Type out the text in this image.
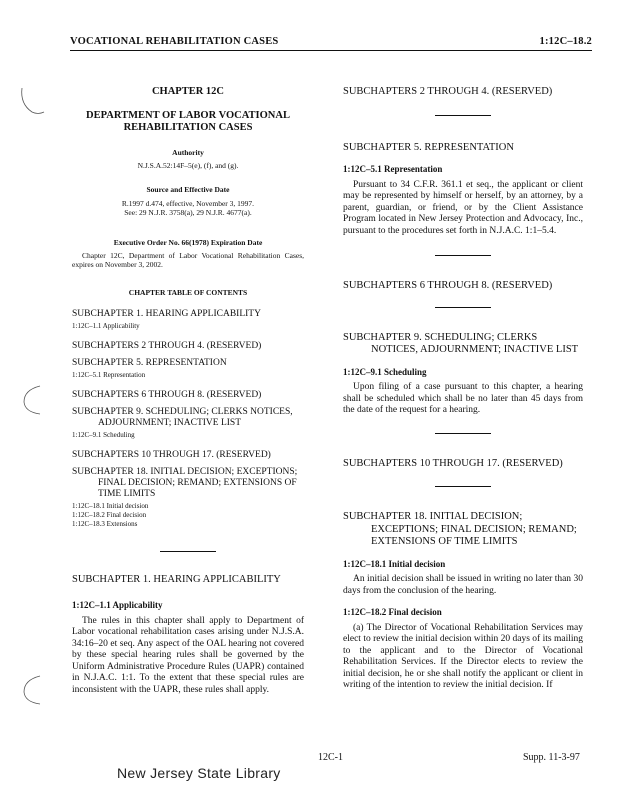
VOCATIONAL REHABILITATION CASES	1:12C–18.2

CHAPTER 12C

DEPARTMENT OF LABOR VOCATIONAL
REHABILITATION CASES

Authority

N.J.S.A.52:14F–5(e), (f), and (g).

Source and Effective Date

R.1997 d.474, effective, November 3, 1997.

See: 29 N.J.R. 3758(a), 29 N.J.R. 4677(a).

Executive Order No. 66(1978) Expiration Date

Chapter 12C, Department of Labor Vocational Rehabilitation Cases, expires on November 3, 2002.

CHAPTER TABLE OF CONTENTS

SUBCHAPTER 1. HEARING APPLICABILITY

1:12C–1.1 Applicability

SUBCHAPTERS 2 THROUGH 4. (RESERVED)

SUBCHAPTER 5. REPRESENTATION

1:12C–5.1 Representation

SUBCHAPTERS 6 THROUGH 8. (RESERVED)

SUBCHAPTER 9. SCHEDULING; CLERKS NOTICES, ADJOURNMENT; INACTIVE LIST

1:12C–9.1 Scheduling

SUBCHAPTERS 10 THROUGH 17. (RESERVED)

SUBCHAPTER 18. INITIAL DECISION; EXCEPTIONS; FINAL DECISION; REMAND; EXTENSIONS OF TIME LIMITS

1:12C–18.1 Initial decision

1:12C–18.2 Final decision

1:12C–18.3 Extensions

SUBCHAPTER 1. HEARING APPLICABILITY

1:12C–1.1 Applicability

The rules in this chapter shall apply to Department of Labor vocational rehabilitation cases arising under N.J.S.A. 34:16–20 et seq. Any aspect of the OAL hearing not covered by these special hearing rules shall be governed by the Uniform Administrative Procedure Rules (UAPR) contained in N.J.A.C. 1:1. To the extent that these special rules are inconsistent with the UAPR, these rules shall apply.

SUBCHAPTERS 2 THROUGH 4. (RESERVED)

SUBCHAPTER 5. REPRESENTATION

1:12C–5.1 Representation

Pursuant to 34 C.F.R. 361.1 et seq., the applicant or client may be represented by himself or herself, by an attorney, by a parent, guardian, or friend, or by the Client Assistance Program located in New Jersey Protection and Advocacy, Inc., pursuant to the procedures set forth in N.J.A.C. 1:1–5.4.

SUBCHAPTERS 6 THROUGH 8. (RESERVED)

SUBCHAPTER 9. SCHEDULING; CLERKS NOTICES, ADJOURNMENT; INACTIVE LIST

1:12C–9.1 Scheduling

Upon filing of a case pursuant to this chapter, a hearing shall be scheduled which shall be no later than 45 days from the date of the request for a hearing.

SUBCHAPTERS 10 THROUGH 17. (RESERVED)

SUBCHAPTER 18. INITIAL DECISION; EXCEPTIONS; FINAL DECISION; REMAND; EXTENSIONS OF TIME LIMITS

1:12C–18.1 Initial decision

An initial decision shall be issued in writing no later than 30 days from the conclusion of the hearing.

1:12C–18.2 Final decision

(a) The Director of Vocational Rehabilitation Services may elect to review the initial decision within 20 days of its mailing to the applicant and to the Director of Vocational Rehabilitation Services. If the Director elects to review the initial decision, he or she shall notify the applicant or client in writing of the intention to review the initial decision. If

12C-1	Supp. 11-3-97
New Jersey State Library
